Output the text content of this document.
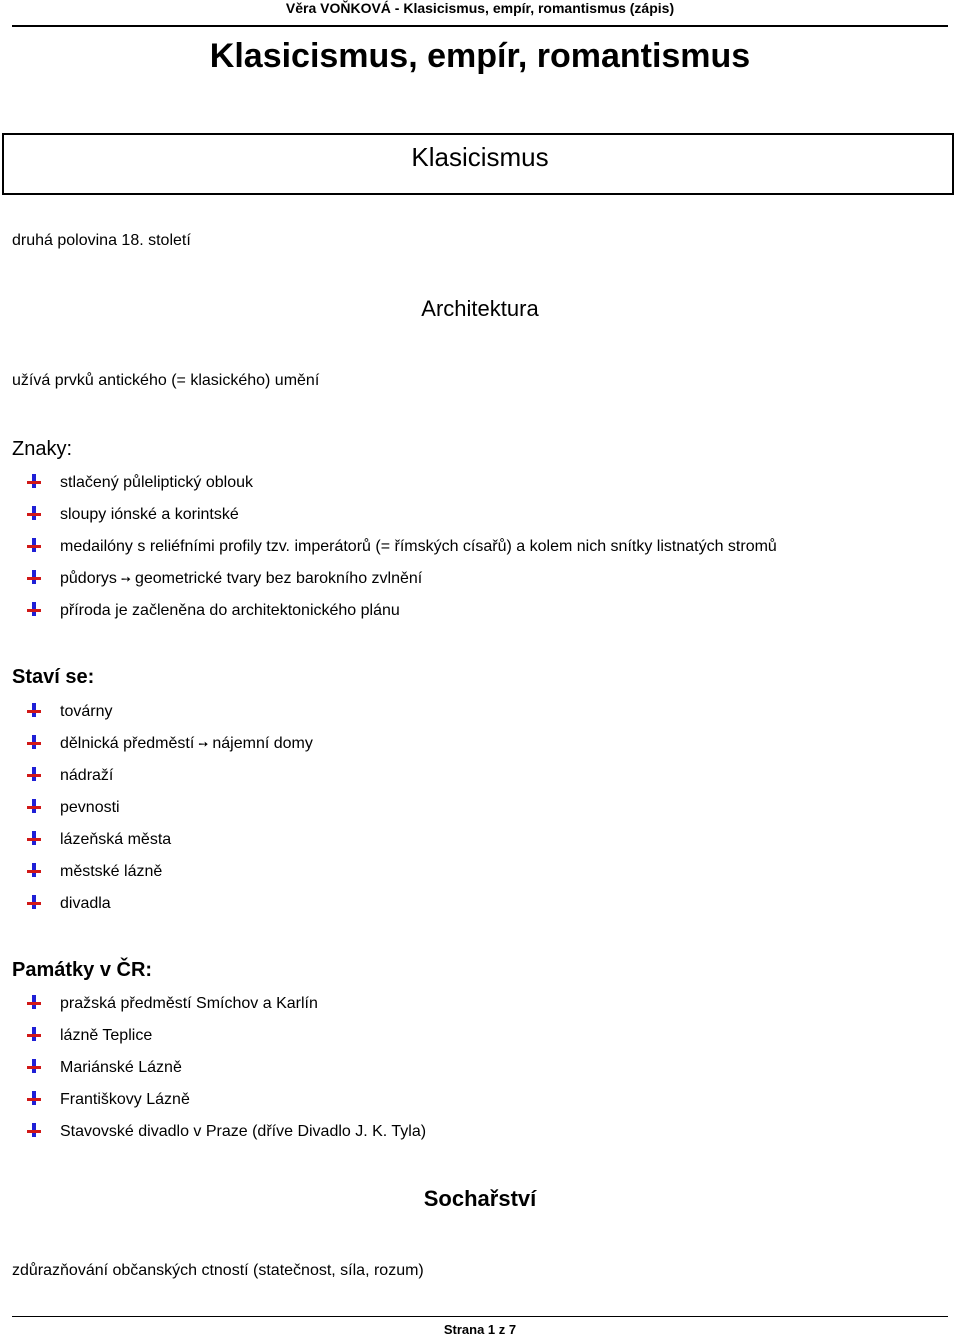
Věra VOŇKOVÁ - Klasicismus, empír, romantismus (zápis)
Klasicismus, empír, romantismus
Klasicismus
druhá polovina 18. století
Architektura
užívá prvků antického (= klasického) umění
Znaky:
stlačený půleliptický oblouk
sloupy iónské a korintské
medailóny s reliéfními profily tzv. imperátorů (= římských císařů) a kolem nich snítky listnatých stromů
půdorys ➙ geometrické tvary bez barokního zvlnění
příroda je začleněna do architektonického plánu
Staví se:
továrny
dělnická předměstí ➙ nájemní domy
nádraží
pevnosti
lázeňská města
městské lázně
divadla
Památky v ČR:
pražská předměstí Smíchov a Karlín
lázně Teplice
Mariánské Lázně
Františkovy Lázně
Stavovské divadlo v Praze (dříve Divadlo J. K. Tyla)
Sochařství
zdůrazňování občanských ctností (statečnost, síla, rozum)
Strana 1 z 7
